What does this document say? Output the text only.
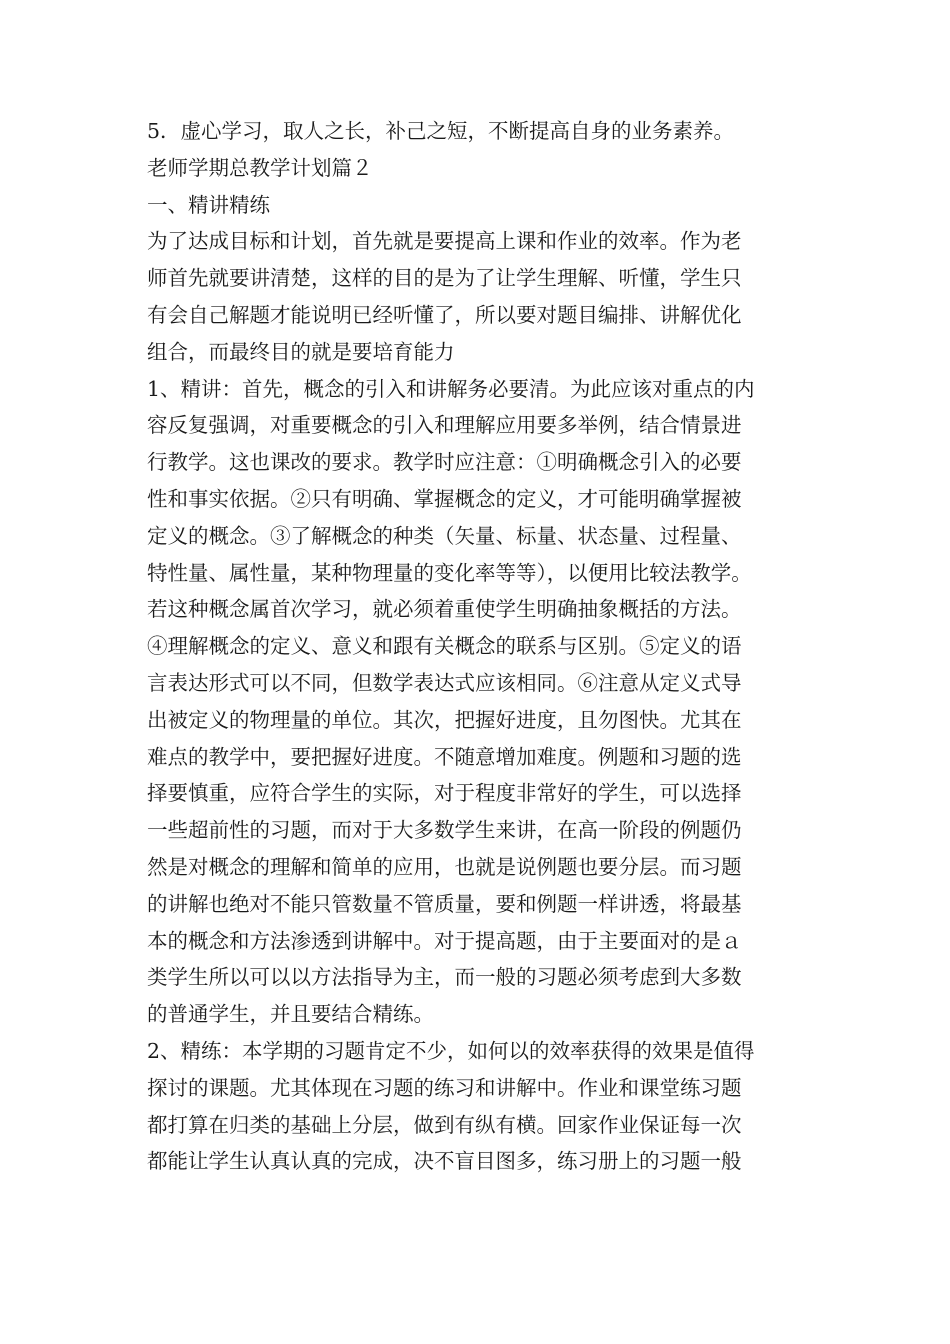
5．虚心学习，取人之长，补己之短，不断提高自身的业务素养。
老师学期总教学计划篇２
一、精讲精练
为了达成目标和计划，首先就是要提高上课和作业的效率。作为老
师首先就要讲清楚，这样的目的是为了让学生理解、听懂，学生只
有会自己解题才能说明已经听懂了，所以要对题目编排、讲解优化
组合，而最终目的就是要培育能力
1、精讲：首先，概念的引入和讲解务必要清。为此应该对重点的内
容反复强调，对重要概念的引入和理解应用要多举例，结合情景进
行教学。这也课改的要求。教学时应注意：①明确概念引入的必要
性和事实依据。②只有明确、掌握概念的定义，才可能明确掌握被
定义的概念。③了解概念的种类（矢量、标量、状态量、过程量、
特性量、属性量，某种物理量的变化率等等），以便用比较法教学。
若这种概念属首次学习，就必须着重使学生明确抽象概括的方法。
④理解概念的定义、意义和跟有关概念的联系与区别。⑤定义的语
言表达形式可以不同，但数学表达式应该相同。⑥注意从定义式导
出被定义的物理量的单位。其次，把握好进度，且勿图快。尤其在
难点的教学中，要把握好进度。不随意增加难度。例题和习题的选
择要慎重，应符合学生的实际，对于程度非常好的学生，可以选择
一些超前性的习题，而对于大多数学生来讲，在高一阶段的例题仍
然是对概念的理解和简单的应用，也就是说例题也要分层。而习题
的讲解也绝对不能只管数量不管质量，要和例题一样讲透，将最基
本的概念和方法渗透到讲解中。对于提高题，由于主要面对的是ａ
类学生所以可以以方法指导为主，而一般的习题必须考虑到大多数
的普通学生，并且要结合精练。
2、精练：本学期的习题肯定不少，如何以的效率获得的效果是值得
探讨的课题。尤其体现在习题的练习和讲解中。作业和课堂练习题
都打算在归类的基础上分层，做到有纵有横。回家作业保证每一次
都能让学生认真认真的完成，决不盲目图多，练习册上的习题一般
